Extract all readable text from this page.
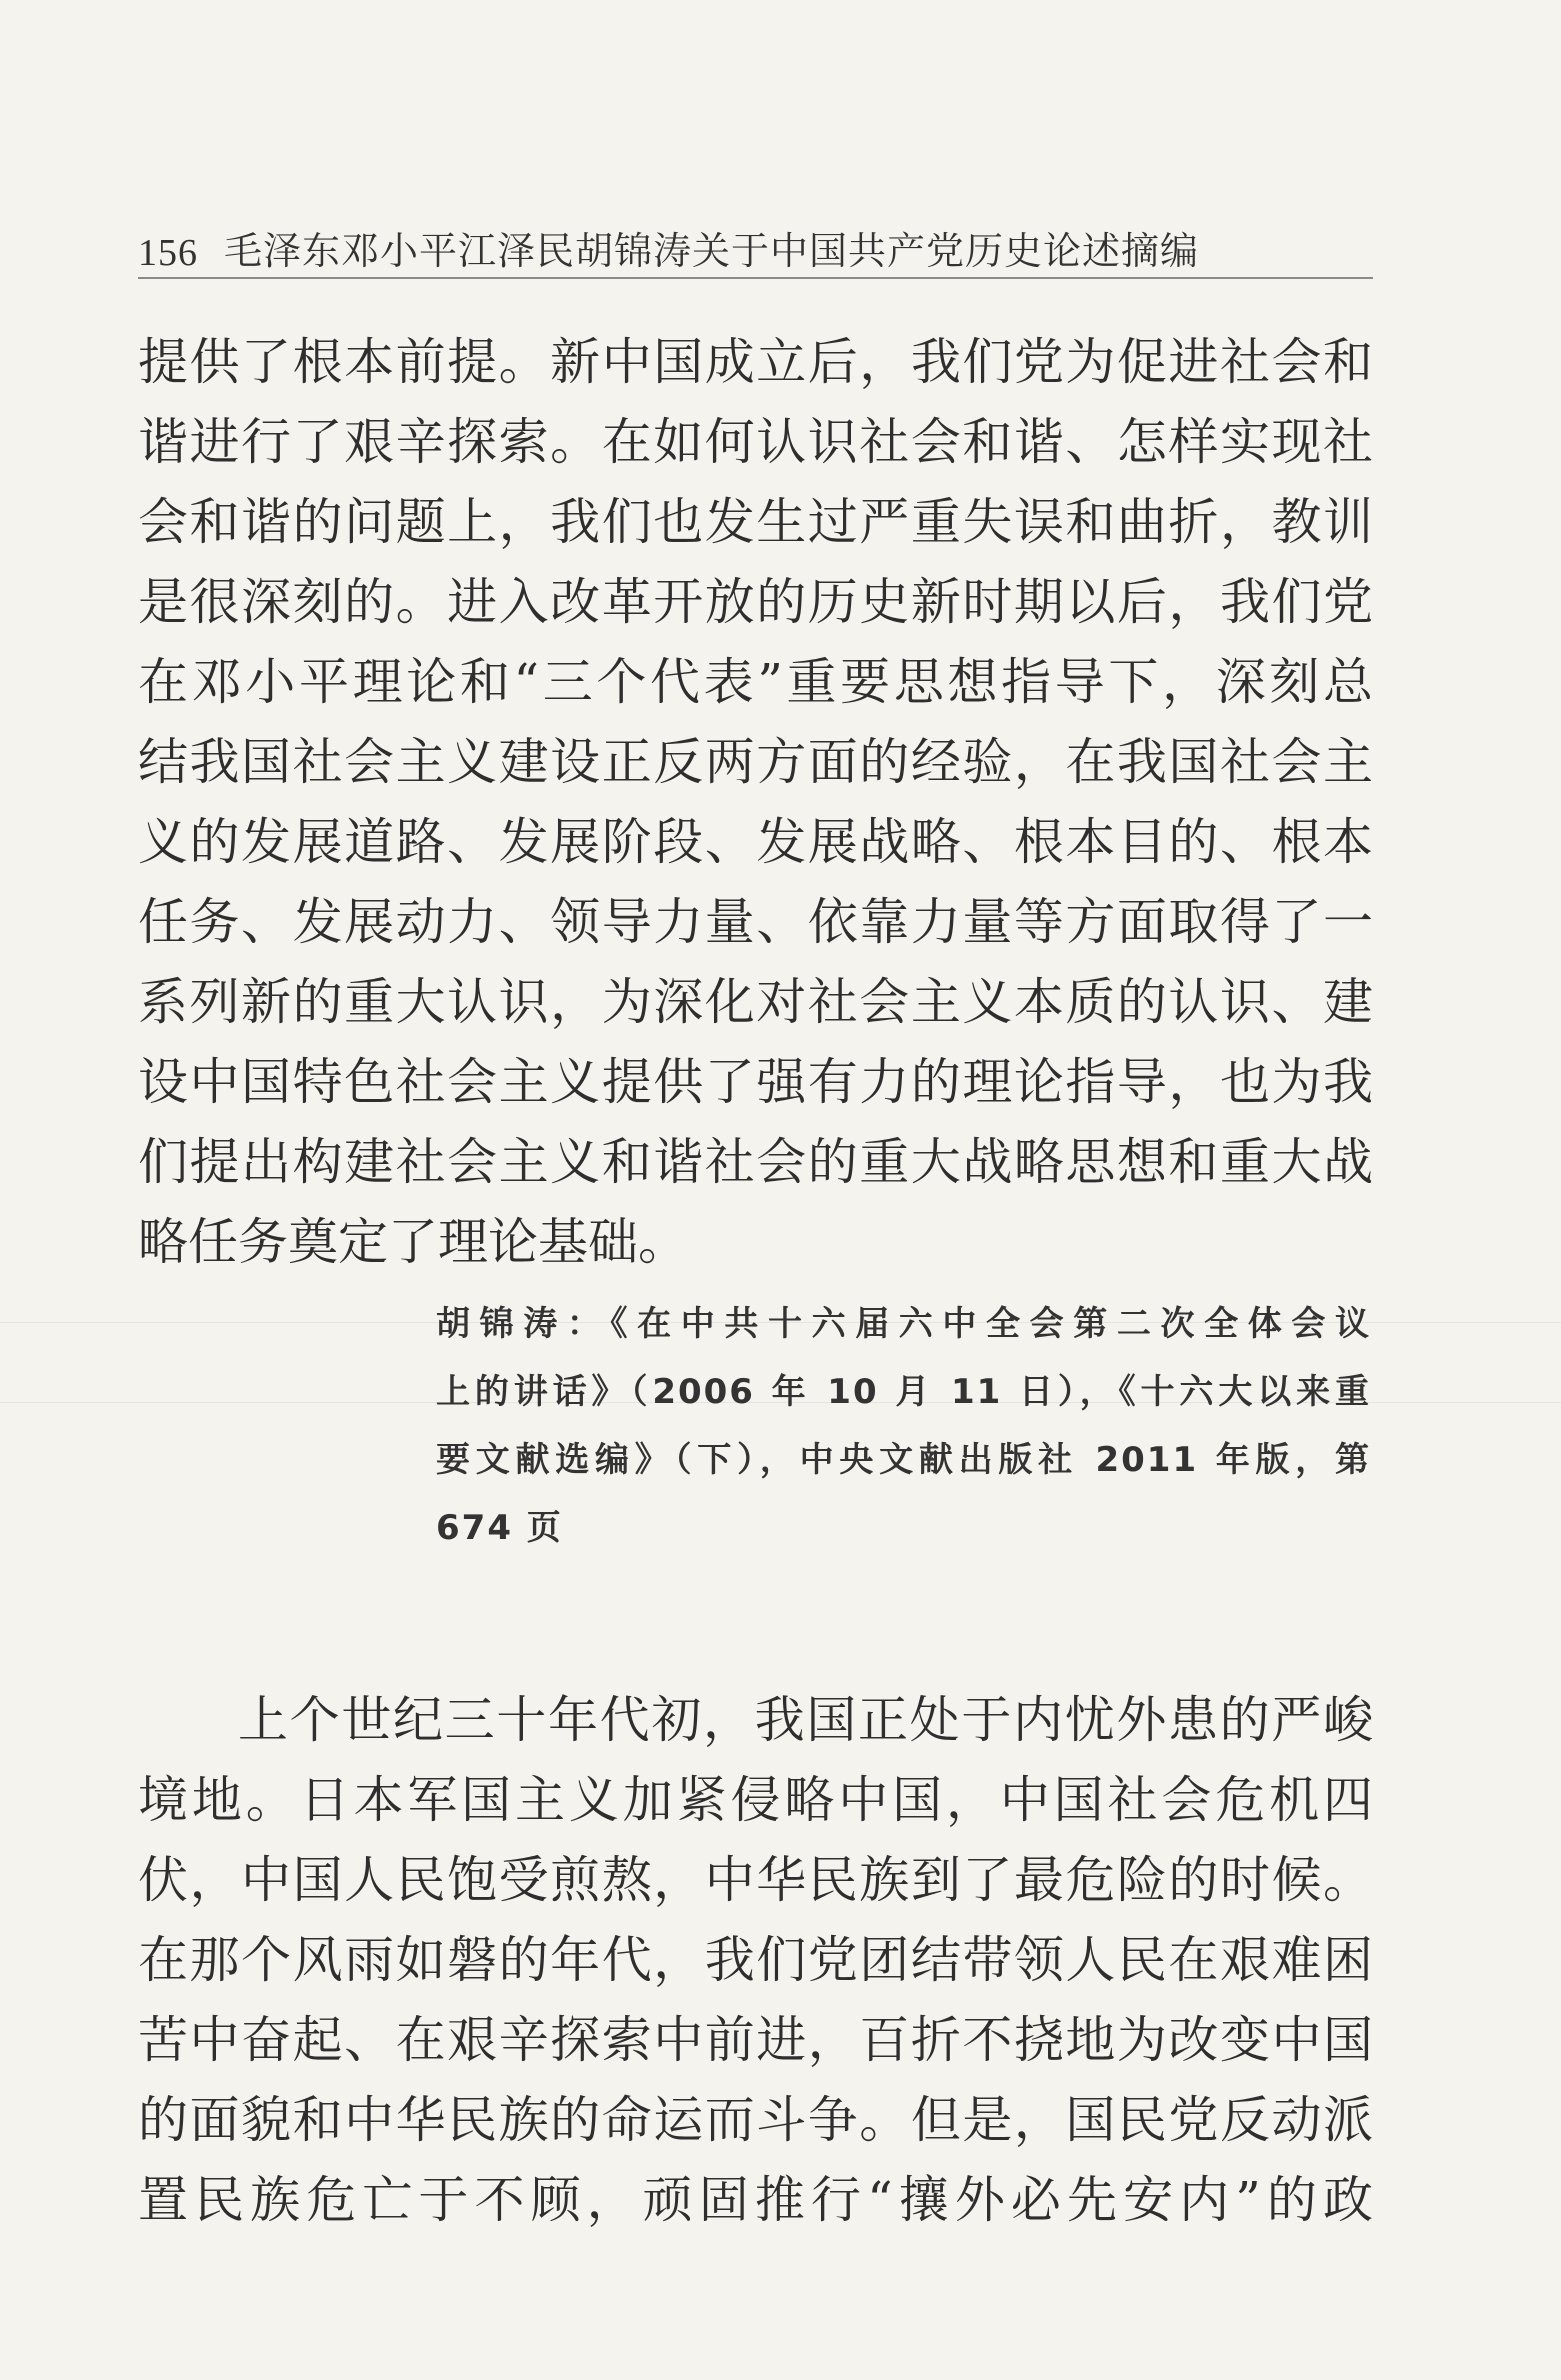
156 毛泽东邓小平江泽民胡锦涛关于中国共产党历史论述摘编
提供了根本前提。新中国成立后，我们党为促进社会和
谐进行了艰辛探索。在如何认识社会和谐、怎样实现社
会和谐的问题上，我们也发生过严重失误和曲折，教训
是很深刻的。进入改革开放的历史新时期以后，我们党
在邓小平理论和“三个代表”重要思想指导下，深刻总
结我国社会主义建设正反两方面的经验，在我国社会主
义的发展道路、发展阶段、发展战略、根本目的、根本
任务、发展动力、领导力量、依靠力量等方面取得了一
系列新的重大认识，为深化对社会主义本质的认识、建
设中国特色社会主义提供了强有力的理论指导，也为我
们提出构建社会主义和谐社会的重大战略思想和重大战
略任务奠定了理论基础。
胡锦涛：《在中共十六届六中全会第二次全体会议
上的讲话》（2006 年 10 月 11 日），《十六大以来重
要文献选编》（下），中央文献出版社 2011 年版，第
674 页
上个世纪三十年代初，我国正处于内忧外患的严峻
境地。日本军国主义加紧侵略中国，中国社会危机四
伏，中国人民饱受煎熬，中华民族到了最危险的时候。
在那个风雨如磐的年代，我们党团结带领人民在艰难困
苦中奋起、在艰辛探索中前进，百折不挠地为改变中国
的面貌和中华民族的命运而斗争。但是，国民党反动派
置民族危亡于不顾，顽固推行“攘外必先安内”的政
